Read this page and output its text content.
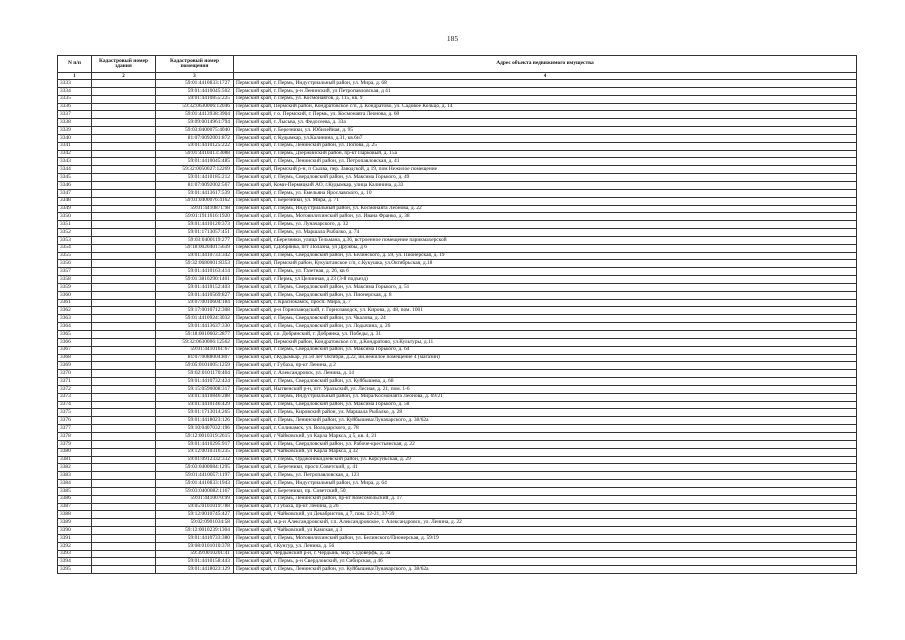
185
N п/п	Кадастровый номер здания	Кадастровый номер помещения	Адрес объекта недвижимого имущества
1	2	3	4
3333		59:01:4410833:1727	Пермский край, г. Пермь, Индустриальный район, ул. Мира, д. 68
3334		59:01:4410045:502	Пермский край, г. Пермь, р-н Ленинский, ул Петропавловская, д 41
3335		59:01:4410855:225	Пермский край, г. Пермь, ул. Космонавтов, д. 115, кв. 9
3336		59:32:0630006:12046	Пермский край, Пермский район, Кондратовское с/п, д. Кондратово, ул. Садовое Кольцо, д. 14
3337		59:01:4413938:3904	Пермский край, г о. Пермский, г. Пермь, ул. Космонавта Леонова, д. 60
3338		59:09:0014961:794	Пермский край, г. Лысьва, ул. Федосеева, д. 33а
3339		59:03:0400075:4040	Пермский край, г. Березники, ул. Юбилейная, д. 95
3340		81:07:0092001:872	Пермский край, г. Кудымкар, ул.Калинина, д.31, кв.6н7
3341		59:01:4410125:222	Пермский край, г. Пермь, Ленинский район, ул. Попова, д. 25
3342		59:01:4410413:3088	Пермский край, г. Пермь, Дзержинский район, пр-кт Парковый, д. 15а
3343		59:01:4410045:485	Пермский край, г. Пермь, Ленинский район, ул. Петропавловская, д. 41
3344		59:32:0050027:12269	Пермский край, Пермский р-н, п Сылва, пер. Заводской, д 19, пом Нежилое помещение
3345		59:01:4410185:212	Пермский край, г. Пермь, Свердловский район, ул. Максима Горького, д. 49
3346		81:07:0092002:567	Пермский край, Коми-Пермяцкий АО, г.Кудымкар, улица Калинина, д.33
3347		59:01:4413617:539	Пермский край, г. Пермь, ул. Емельяна Ярославского, д. 10
3348		59:03:0400076:4162	Пермский край, г. Березники, ул. Мира, д. 71
3349		59:01:4410871:98	Пермский край, г. Пермь, Индустриальный район, ул. Космонавта Леонова, д. 22
3350		59:01:1911616:1920	Пермский край, г. Пермь, Мотовилихинский район, ул. Ивана Франко, д. 38
3351		59:01:4410120:373	Пермский край, г. Пермь, ул. Луначарского, д. 32
3352		59:01:1713057:451	Пермский край, г. Пермь, ул. Маршала Рыбалко, д. 74
3353		59:03:0400119:277	Пермский край, г.Березники, улица Тельмана, д.36, встроенное помещение парикмахерской
3354		59:18:0020401:5639	Пермский край, г.Добрянка, пгт Полазна, ул Дружбы, д 6
3355		59:01:4410733:342	Пермский край, г. Пермь, Свердловский район, ул. Белинского, д. 59, ул. Пионерская, д. 19
3356		59:32:0680001:8353	Пермский край, Пермский район, Кукуштанское с/п, с.Кукушка, ул.Октябрьская, д.18
3357		59:01:4410163:414	Пермский край, г. Пермь, ул. Газетная, д. 26, кв 6
3358		59:01:3810290:1401	Пермский край, г Пермь, ул Целинная, д 23 (3-й подъезд)
3359		59:01:4410152:403	Пермский край, г. Пермь, Свердловский район, ул. Максима Горького, д. 51
3360		59:01:4410569:827	Пермский край, г. Пермь, Свердловский район, ул. Пионерская, д. 8
3361		59:07:0010604:184	Пермский край, г. Краснокамск, просп. Мира, д. 7
3362		59:17:0010712:308	Пермский край, р-н Горнозаводский, г. Горнозаводск, ул. Кирова, д. 48, пом. 1001
3363		59:01:4410924:3032	Пермский край, г. Пермь, Свердловский район, ул. Чкалова, д. 24
3364		59:01:4413637:330	Пермский край, г. Пермь, Свердловский район, ул. Лодычина, д. 26
3365		59:18:0010602:2877	Пермский край, г.о. Добрянский, г. Добрянка, ул. Победы, д. 31
3366		59:32:0630006:12562	Пермский край, Пермский район, Кондратовское с/п, д.Кондратово, ул.Культуры, д.11
3367		59:01:4410161:67	Пермский край, г. Пермь, Свердловский район, ул. Максима Горького, д. 64
3368		81:07:0088004:807	Пермский край, г.Кудымкар, ул.50 лет Октября, д.22, ин.нежилое помещение 4 (магазин)
3369		59:05:0101005:1259	Пермский край, г Губаха, пр-кт Ленина, д 2
3370		59:02:0101170:404	Пермский край, г. Александровск, ул. Ленина, д. 14
3371		59:01:4410732:424	Пермский край, г. Пермь, Свердловский район, ул. Куйбышева, д. 68
3372		59:15:0590008:317	Пермский край, Нытвенский р-н, пгт. Уральский, ул. Лесная, д. 21, пом. 1-6
3373		59:01:4410846:288	Пермский край, г. Пермь, Индустриальный район, ул. Мира/Космонавта Леонова, д. 69/21
3374		59:01:4410146:429	Пермский край, г. Пермь, Свердловский район, ул. Максима Горького, д. 58
3375		59:01:1713014:265	Пермский край, г. Пермь, Кировский район, ул. Маршала Рыбалко, д. 28
3376		59:01:4418023:126	Пермский край, г. Пермь, Ленинский район, ул. Куйбышева/Луначарского, д. 38/62а
3377		59:10:0407032:196	Пермский край, г. Соликамск, ул. Володарского, д. 78
3378		59:12:0010319:2615	Пермский край, г Чайковский, ул Карла Маркса, д 5, кв. 4, 21
3379		59:01:4410295:917	Пермский край, г. Пермь, Свердловский район, ул. Рабоче-крестьянская, д. 22
3380		59:12:0010316:235	Пермский край, г Чайковский, ул Карла Маркса, д 32
3381		59:01:0912332:332	Пермский край, г. Пермь, Орджоникидзевский район, ул. Корсуньская, д. 29
3382		59:03:0400084:1295	Пермский край, г. Березники, просп.Советский, д. 41
3383		59:01:4410057:1197	Пермский край, г. Пермь, ул. Петропавловская, д. 123
3384		59:01:4410833:1943	Пермский край, г. Пермь, Индустриальный район, ул. Мира, д. 64
3385		59:03:0400082:1167	Пермский край, г. Березники, пр. Советский, 50
3386		59:01:4410070:99	Пермский край, г. Пермь, Ленинский район, пр-кт Комсомольский, д. 17
3387		59:05:0101019:788	Пермский край, г Губаха, пр-кт Ленина, д 26
3388		59:12:0010745:427	Пермский край, г Чайковский, ул Декабристов, д 7, пом. 12-21, 37-39
3389		59:02:0901034:58	Пермский край, м.р-н Александровский, г.п. Александровское, г. Александровск, ул. Ленина, д. 22
3390		59:12:0010239:1304	Пермский край, г Чайковский, ул Камская, д 3
3391		59:01:4410733:380	Пермский край, г. Пермь, Мотовилихинский район, ул. Белинского/Пионерская, д. 59/19
3392		59:08:0101010:378	Пермский край, г.Кунгур, ул. Ленина, д. 56
3393		59:39:0010201:41	Пермский край, Чердынский р-н, г. Чердынь, мкр. Судоверфь, д. 3а
3394		59:01:4410158:443	Пермский край, г. Пермь, р-н Свердловский, ул Сибирская, д 46
3395		59:01:4418023:129	Пермский край, г. Пермь, Ленинский район, ул. Куйбышева/Луначарского, д. 38/62а
